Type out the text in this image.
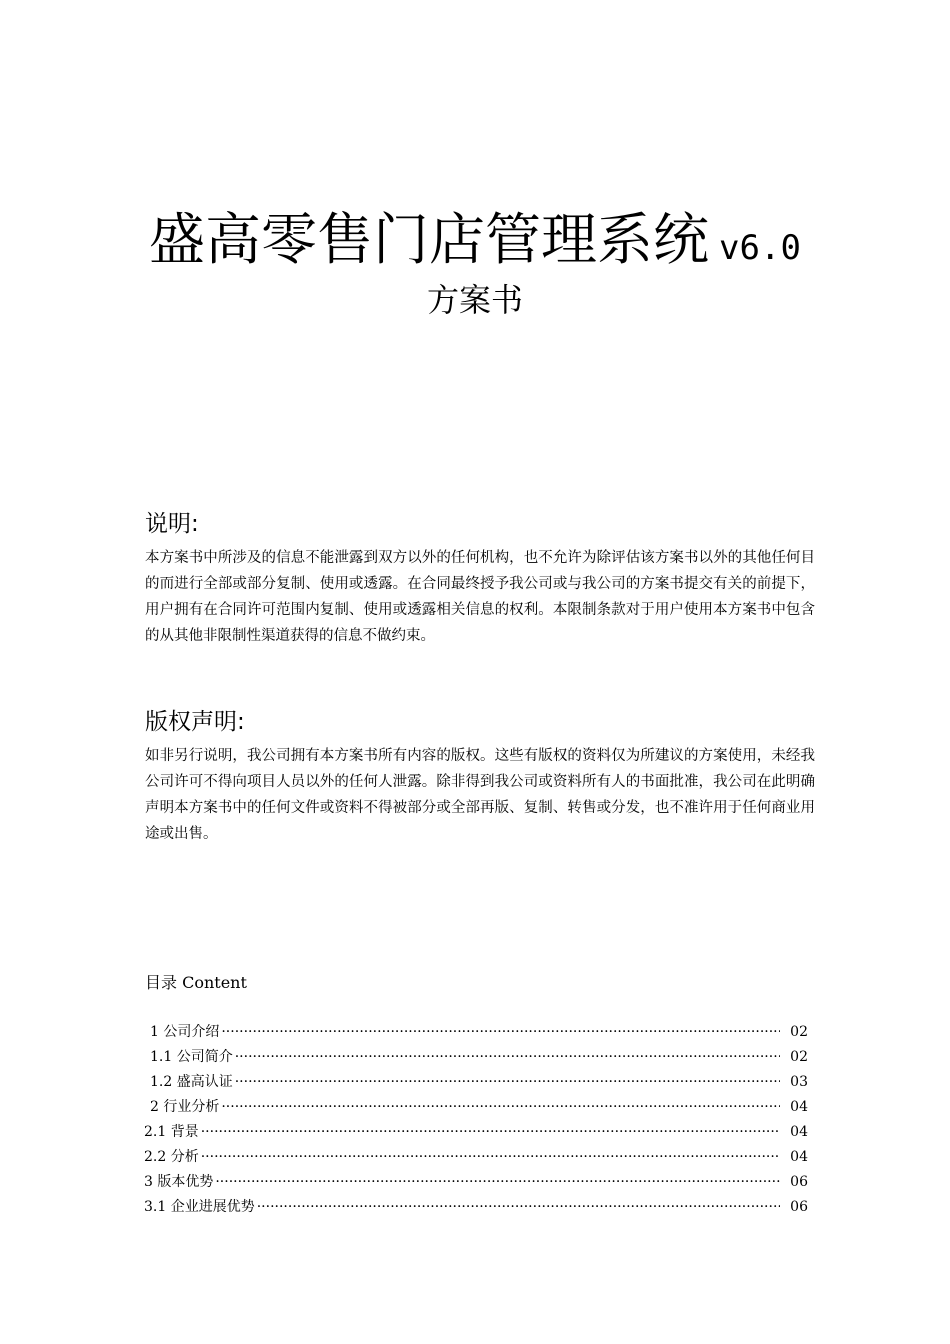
盛高零售门店管理系统 v6.0
方案书
说明:
本方案书中所涉及的信息不能泄露到双方以外的任何机构，也不允许为除评估该方案书以外的其他任何目的而进行全部或部分复制、使用或透露。在合同最终授予我公司或与我公司的方案书提交有关的前提下，用户拥有在合同许可范围内复制、使用或透露相关信息的权利。本限制条款对于用户使用本方案书中包含的从其他非限制性渠道获得的信息不做约束。
版权声明:
如非另行说明，我公司拥有本方案书所有内容的版权。这些有版权的资料仅为所建议的方案使用，未经我公司许可不得向项目人员以外的任何人泄露。除非得到我公司或资料所有人的书面批准，我公司在此明确声明本方案书中的任何文件或资料不得被部分或全部再版、复制、转售或分发，也不准许用于任何商业用途或出售。
目录 Content
1 公司介绍 ·····	02
1.1 公司简介 ·····	02
1.2 盛高认证 ·····	03
2 行业分析 ·····	04
2.1 背景 ·····	04
2.2 分析 ·····	04
3 版本优势 ·····	06
3.1 企业进展优势 ·····	06
